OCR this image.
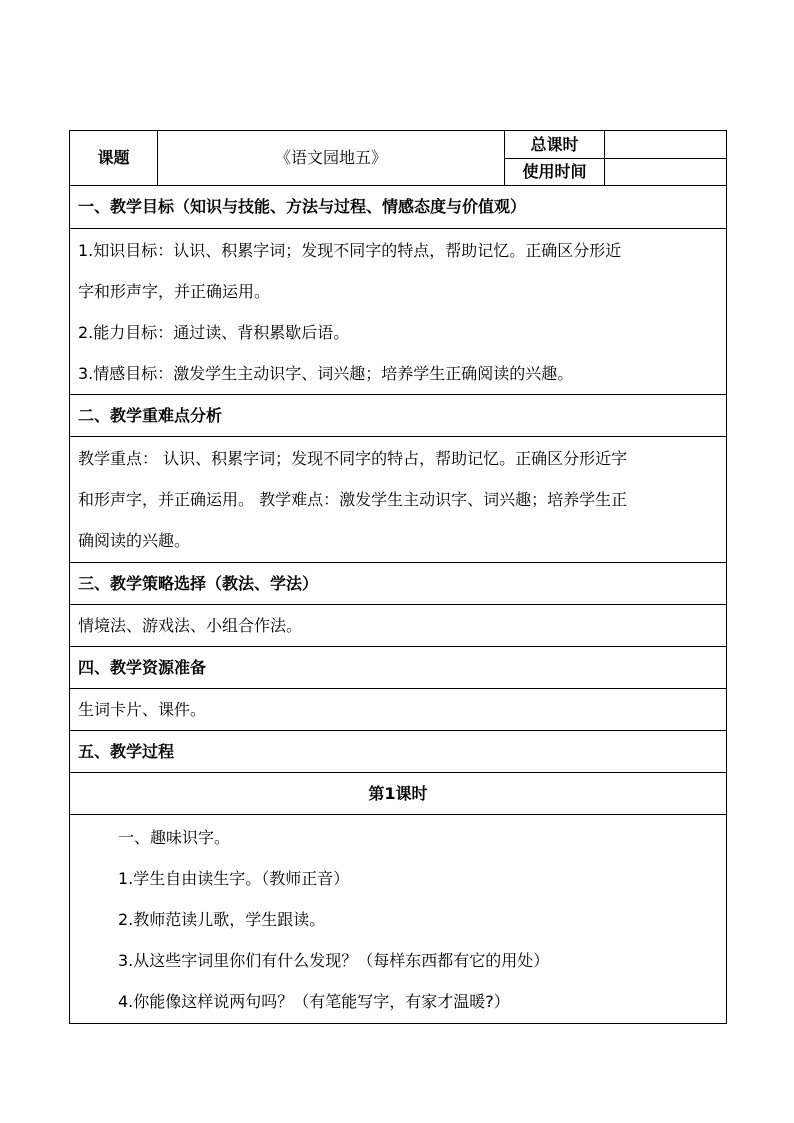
课题	《语文园地五》	总课时	
		使用时间	
一、教学目标（知识与技能、方法与过程、情感态度与价值观）			

1.知识目标：认识、积累字词；发现不同字的特点，帮助记忆。正确区分形近
字和形声字，并正确运用。
2.能力目标：通过读、背积累歇后语。
3.情感目标：激发学生主动识字、词兴趣；培养学生正确阅读的兴趣。			

二、教学重难点分析			

教学重点： 认识、积累字词；发现不同字的特占，帮助记忆。正确区分形近字
和形声字，并正确运用。 教学难点：激发学生主动识字、词兴趣；培养学生正
确阅读的兴趣。			

三、教学策略选择（教法、学法）			
情境法、游戏法、小组合作法。			
四、教学资源准备			
生词卡片、课件。			
五、教学过程			
第1课时			

一、趣味识字。
1.学生自由读生字。（教师正音）
2.教师范读儿歌，学生跟读。
3.从这些字词里你们有什么发现？（每样东西都有它的用处）
4.你能像这样说两句吗？（有笔能写字，有家才温暖?）			
